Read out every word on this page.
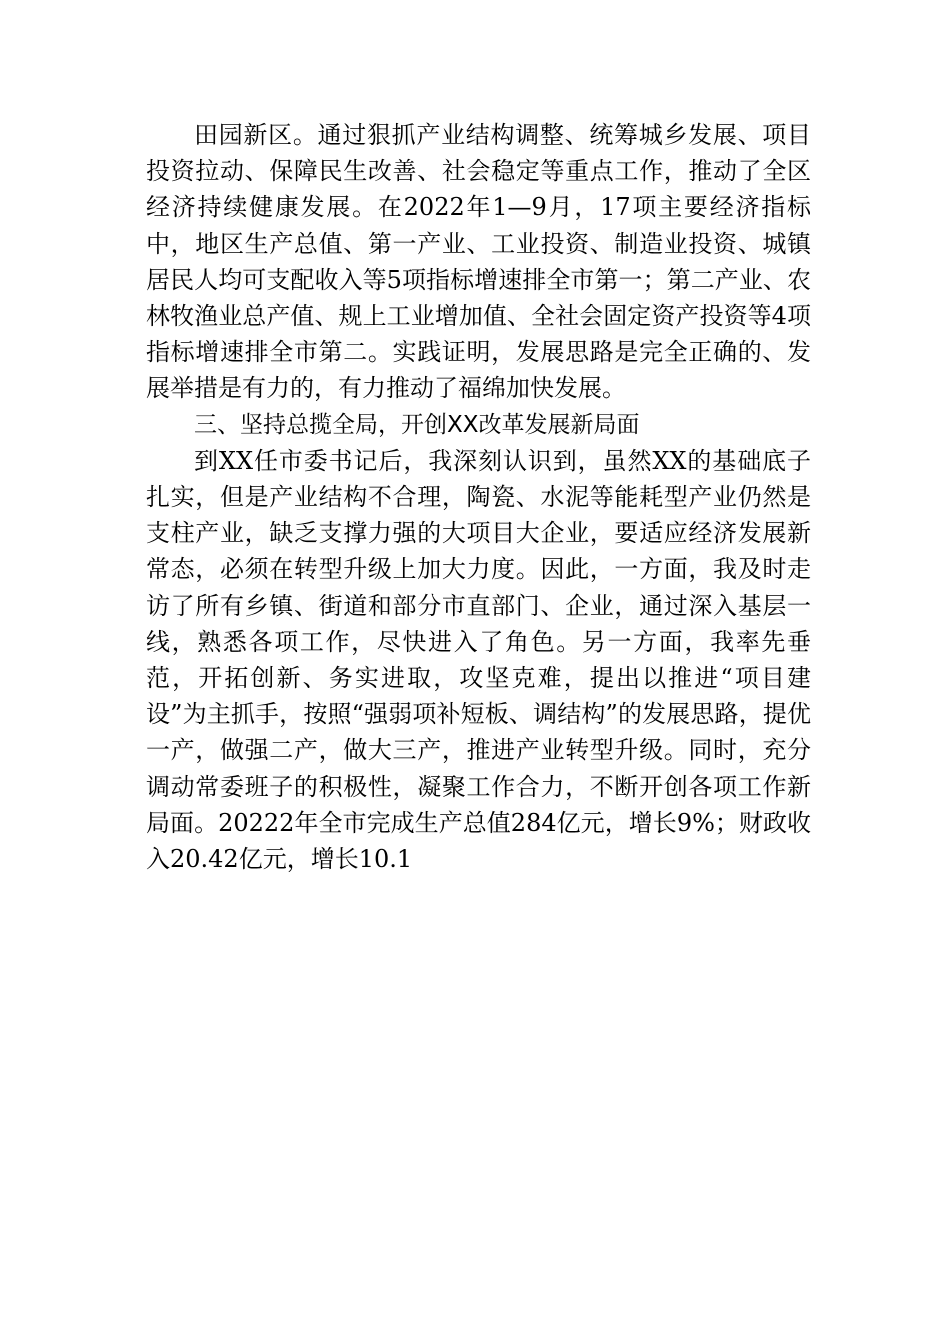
田园新区。通过狠抓产业结构调整、统筹城乡发展、项目投资拉动、保障民生改善、社会稳定等重点工作，推动了全区经济持续健康发展。在2022年1—9月，17项主要经济指标中，地区生产总值、第一产业、工业投资、制造业投资、城镇居民人均可支配收入等5项指标增速排全市第一；第二产业、农林牧渔业总产值、规上工业增加值、全社会固定资产投资等4项指标增速排全市第二。实践证明，发展思路是完全正确的、发展举措是有力的，有力推动了福绵加快发展。

三、坚持总揽全局，开创XX改革发展新局面

到XX任市委书记后，我深刻认识到，虽然XX的基础底子扎实，但是产业结构不合理，陶瓷、水泥等能耗型产业仍然是支柱产业，缺乏支撑力强的大项目大企业，要适应经济发展新常态，必须在转型升级上加大力度。因此，一方面，我及时走访了所有乡镇、街道和部分市直部门、企业，通过深入基层一线，熟悉各项工作，尽快进入了角色。另一方面，我率先垂范，开拓创新、务实进取，攻坚克难，提出以推进“项目建设”为主抓手，按照“强弱项补短板、调结构”的发展思路，提优一产，做强二产，做大三产，推进产业转型升级。同时，充分调动常委班子的积极性，凝聚工作合力，不断开创各项工作新局面。20222年全市完成生产总值284亿元，增长9%；财政收入20.42亿元，增长10.1
